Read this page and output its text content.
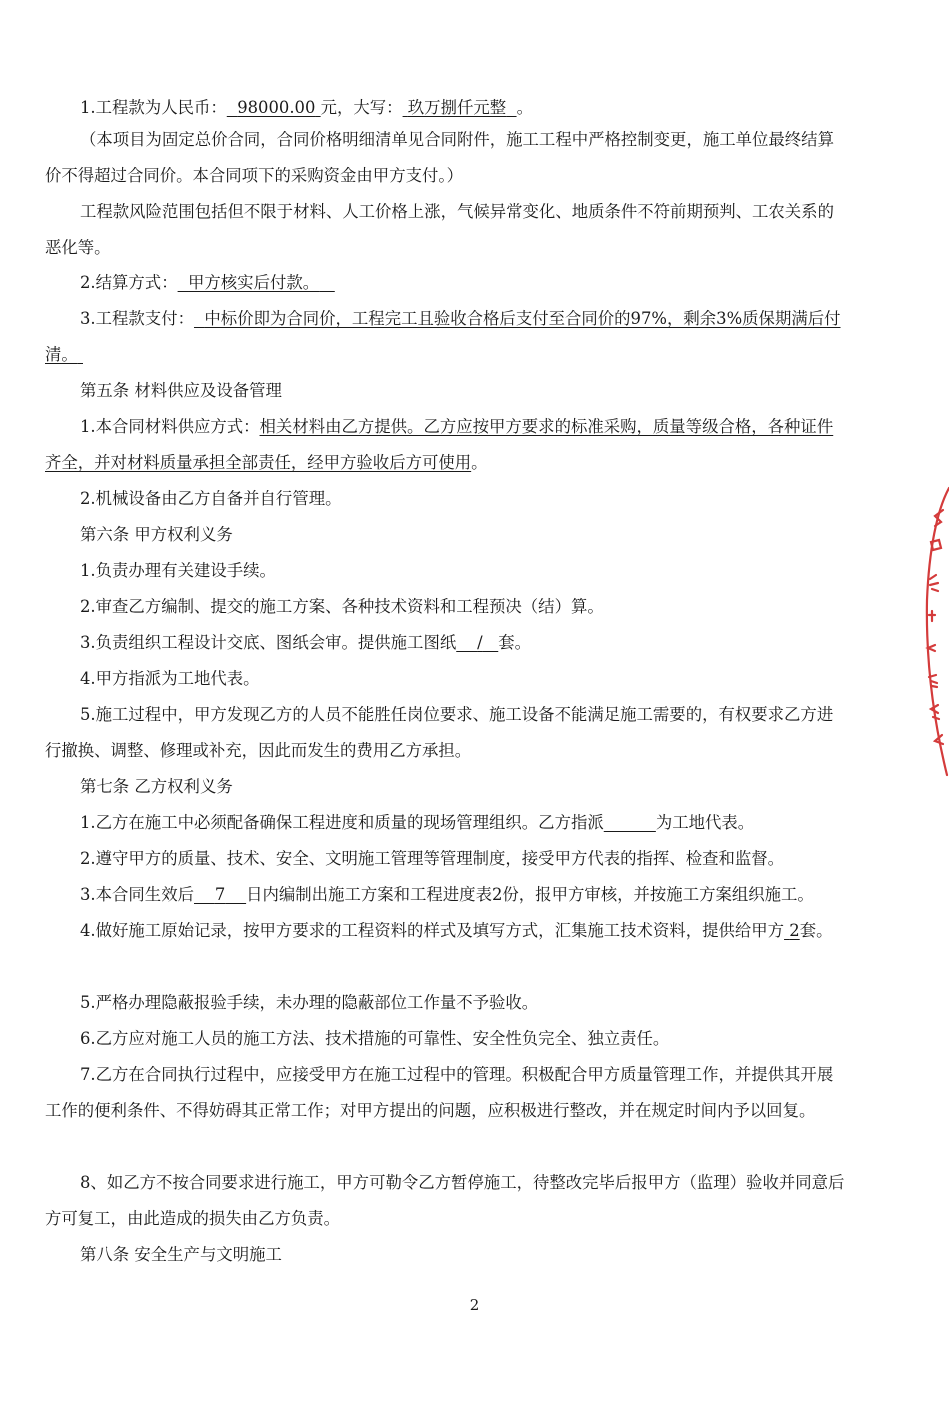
1.工程款为人民币： 98000.00 元，大写： 玖万捌仟元整 。

（本项目为固定总价合同，合同价格明细清单见合同附件，施工工程中严格控制变更，施工单位最终结算价不得超过合同价。本合同项下的采购资金由甲方支付。）

工程款风险范围包括但不限于材料、人工价格上涨，气候异常变化、地质条件不符前期预判、工农关系的恶化等。

2.结算方式： 甲方核实后付款。

3.工程款支付： 中标价即为合同价，工程完工且验收合格后支付至合同价的97%，剩余3%质保期满后付清。

第五条 材料供应及设备管理

1.本合同材料供应方式：相关材料由乙方提供。乙方应按甲方要求的标准采购，质量等级合格，各种证件齐全，并对材料质量承担全部责任，经甲方验收后方可使用。

2.机械设备由乙方自备并自行管理。

第六条 甲方权利义务

1.负责办理有关建设手续。

2.审查乙方编制、提交的施工方案、各种技术资料和工程预决（结）算。

3.负责组织工程设计交底、图纸会审。提供施工图纸 / 套。

4.甲方指派为工地代表。

5.施工过程中，甲方发现乙方的人员不能胜任岗位要求、施工设备不能满足施工需要的，有权要求乙方进行撤换、调整、修理或补充，因此而发生的费用乙方承担。

第七条 乙方权利义务

1.乙方在施工中必须配备确保工程进度和质量的现场管理组织。乙方指派	为工地代表。

2.遵守甲方的质量、技术、安全、文明施工管理等管理制度，接受甲方代表的指挥、检查和监督。

3.本合同生效后 7 日内编制出施工方案和工程进度表2份，报甲方审核，并按施工方案组织施工。

4.做好施工原始记录，按甲方要求的工程资料的样式及填写方式，汇集施工技术资料，提供给甲方 2套。

5.严格办理隐蔽报验手续，未办理的隐蔽部位工作量不予验收。

6.乙方应对施工人员的施工方法、技术措施的可靠性、安全性负完全、独立责任。

7.乙方在合同执行过程中，应接受甲方在施工过程中的管理。积极配合甲方质量管理工作，并提供其开展工作的便利条件、不得妨碍其正常工作；对甲方提出的问题，应积极进行整改，并在规定时间内予以回复。

8、如乙方不按合同要求进行施工，甲方可勒令乙方暂停施工，待整改完毕后报甲方（监理）验收并同意后方可复工，由此造成的损失由乙方负责。

第八条 安全生产与文明施工

2
